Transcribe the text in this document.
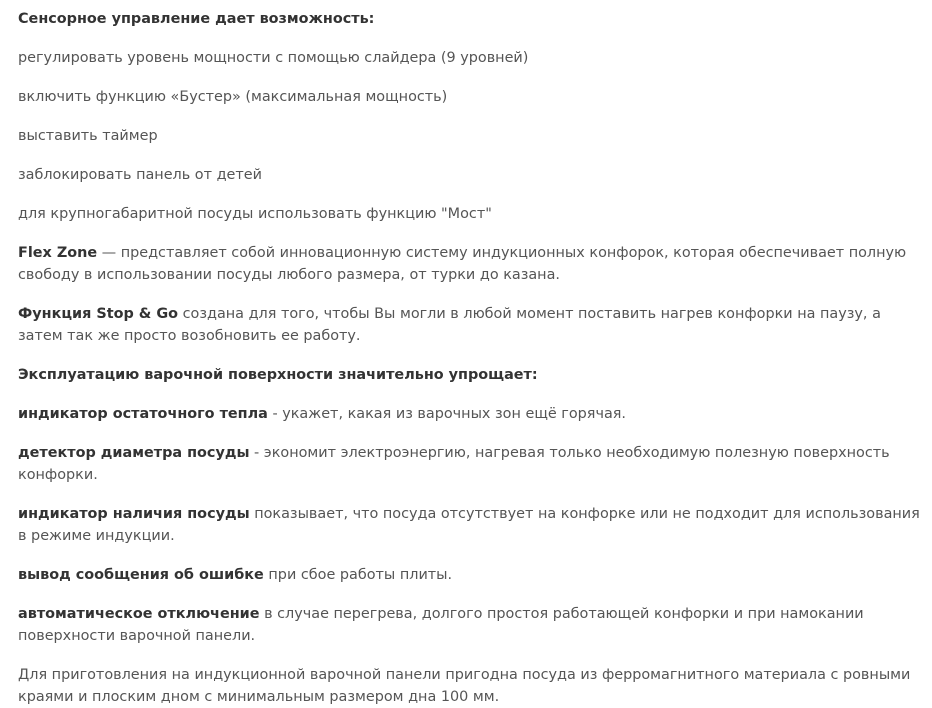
Сенсорное управление дает возможность:

регулировать уровень мощности с помощью слайдера (9 уровней)

включить функцию «Бустер» (максимальная мощность)

выставить таймер

заблокировать панель от детей

для крупногабаритной посуды использовать функцию "Мост"

Flex Zone — представляет собой инновационную систему индукционных конфорок, которая обеспечивает полную свободу в использовании посуды любого размера, от турки до казана.

Функция Stop & Go создана для того, чтобы Вы могли в любой момент поставить нагрев конфорки на паузу, а затем так же просто возобновить ее работу.

Эксплуатацию варочной поверхности значительно упрощает:

индикатор остаточного тепла - укажет, какая из варочных зон ещё горячая.

детектор диаметра посуды - экономит электроэнергию, нагревая только необходимую полезную поверхность конфорки.

индикатор наличия посуды показывает, что посуда отсутствует на конфорке или не подходит для использования в режиме индукции.

вывод сообщения об ошибке при сбое работы плиты.

автоматическое отключение в случае перегрева, долгого простоя работающей конфорки и при намокании поверхности варочной панели.

Для приготовления на индукционной варочной панели пригодна посуда из ферромагнитного материала с ровными краями и плоским дном с минимальным размером дна 100 мм.
